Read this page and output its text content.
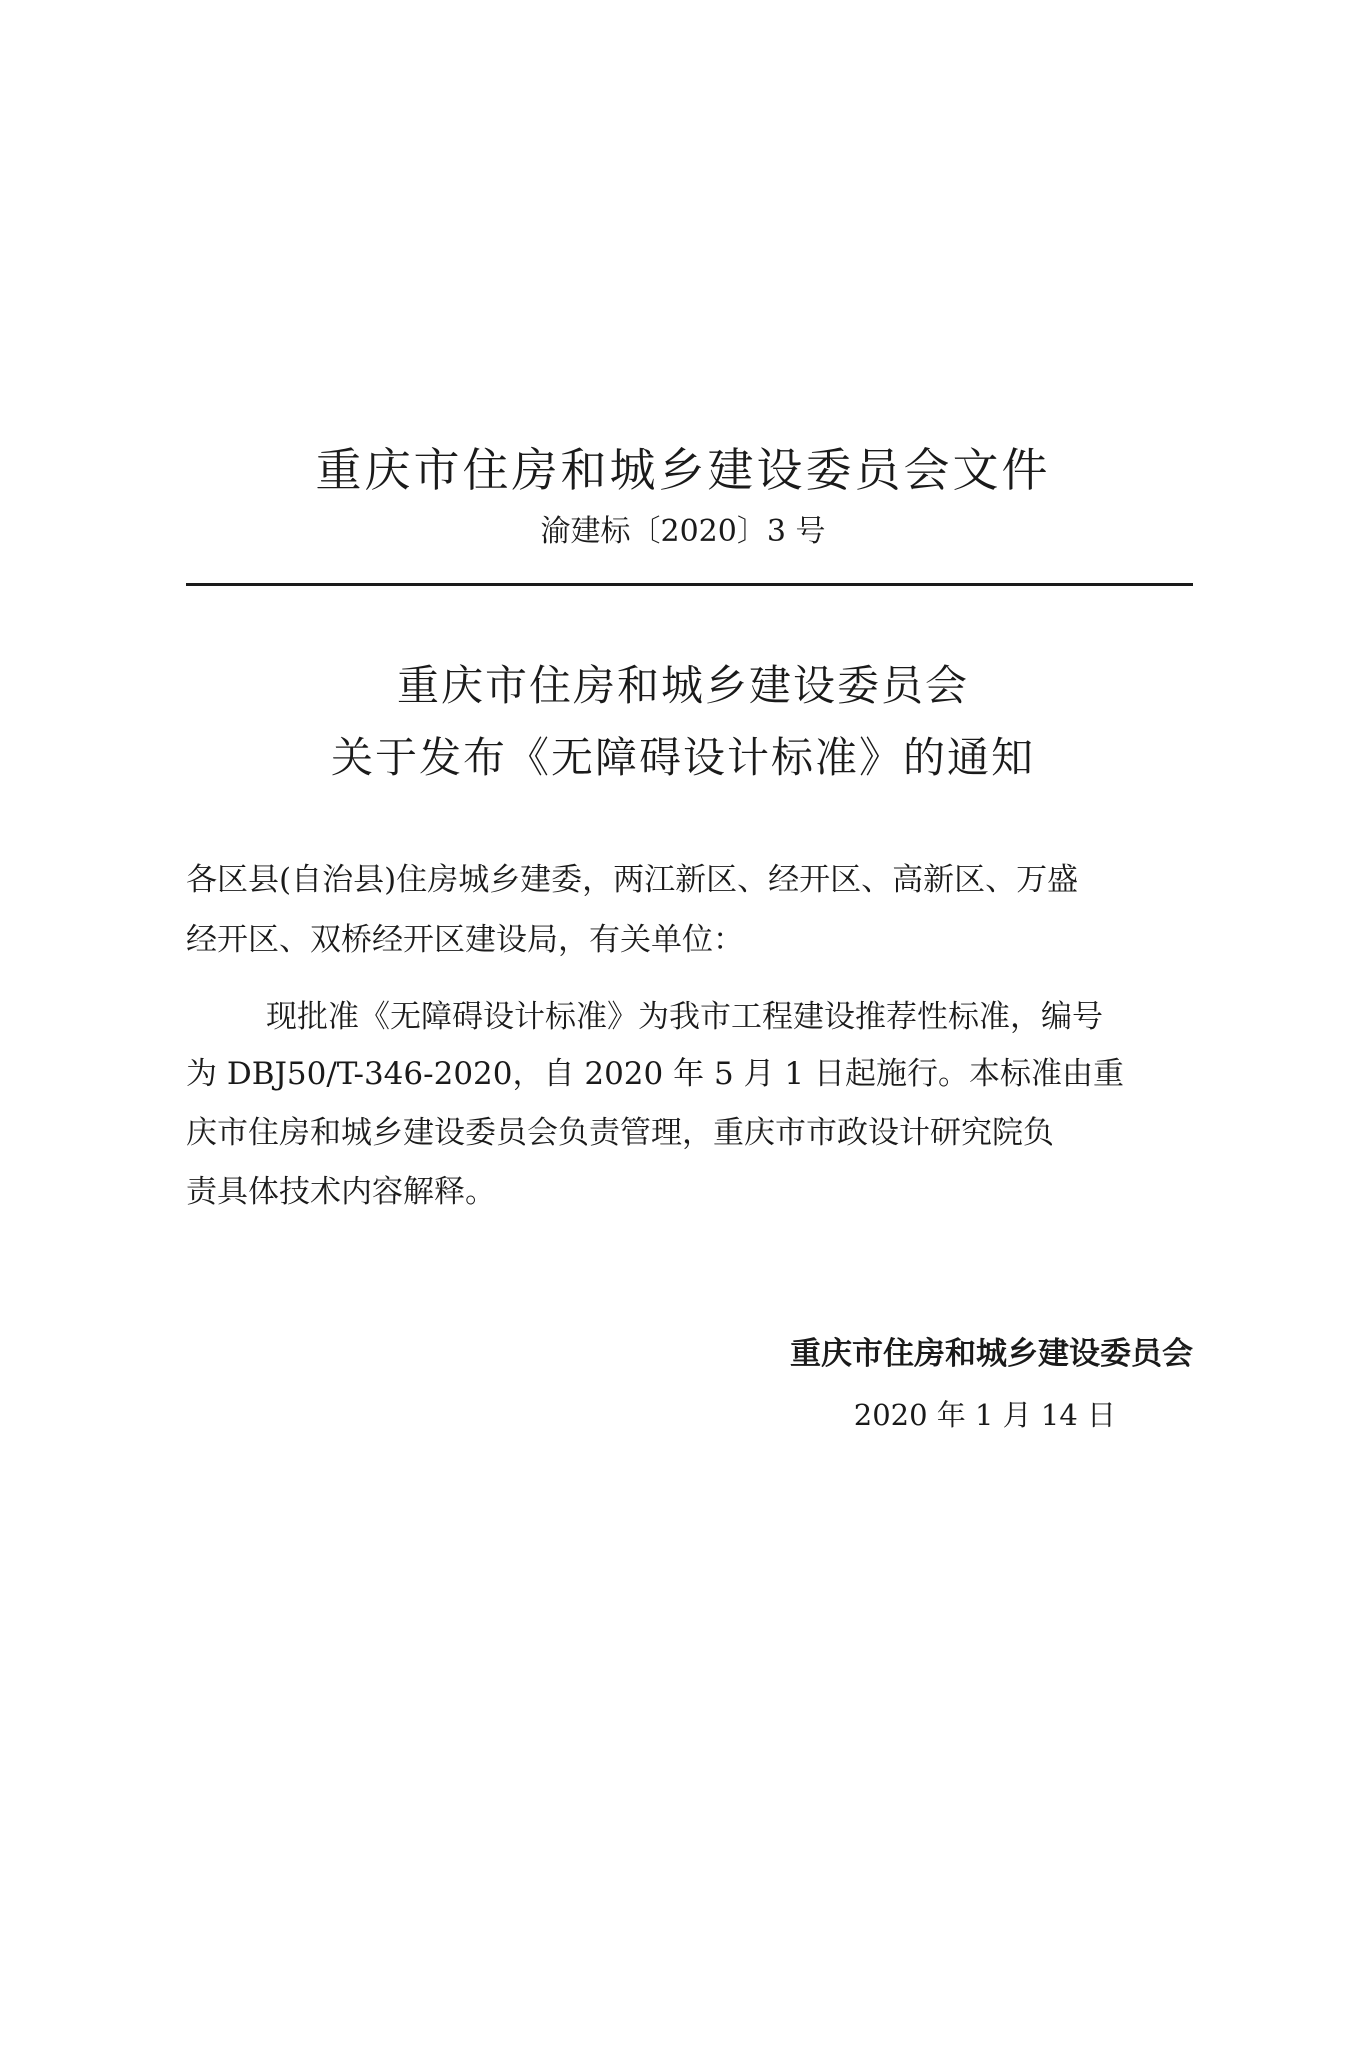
重庆市住房和城乡建设委员会文件
渝建标〔2020〕3 号
重庆市住房和城乡建设委员会
关于发布《无障碍设计标准》的通知
各区县(自治县)住房城乡建委，两江新区、经开区、高新区、万盛
经开区、双桥经开区建设局，有关单位：
现批准《无障碍设计标准》为我市工程建设推荐性标准，编号
为 DBJ50/T-346-2020，自 2020 年 5 月 1 日起施行。本标准由重
庆市住房和城乡建设委员会负责管理，重庆市市政设计研究院负
责具体技术内容解释。
重庆市住房和城乡建设委员会
2020 年 1 月 14 日
